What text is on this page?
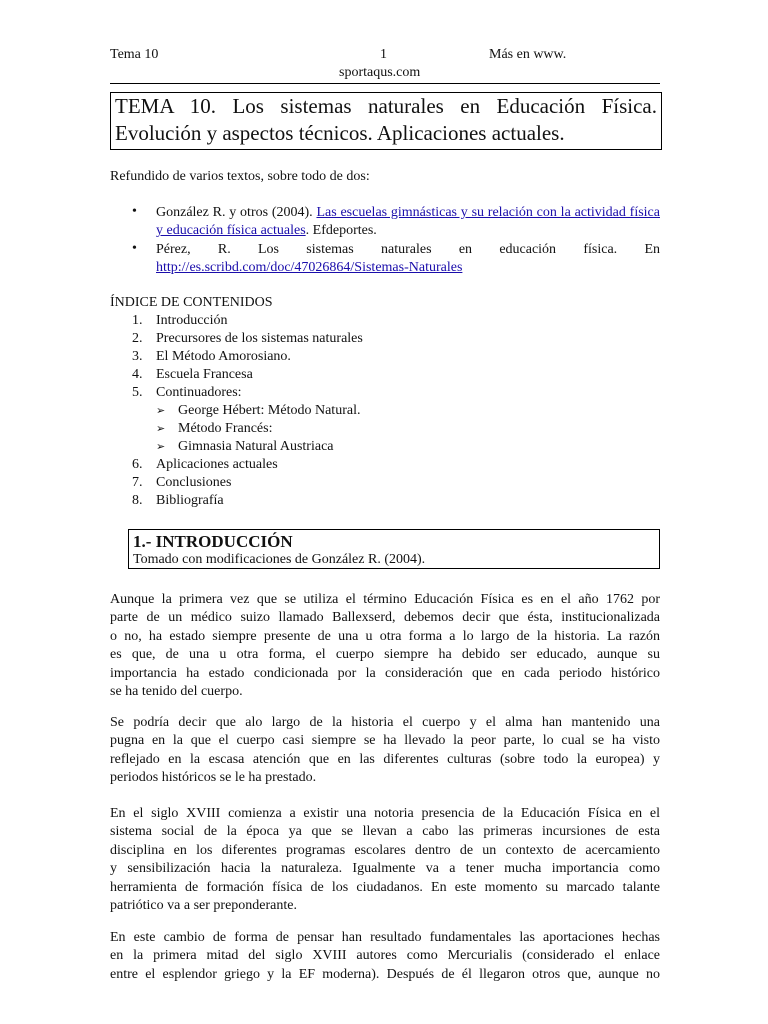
Tema 10	1	Más en www.
sportaqus.com
TEMA 10. Los sistemas naturales en Educación Física. Evolución y aspectos técnicos. Aplicaciones actuales.
Refundido de varios textos, sobre todo de dos:
• González R. y otros (2004). Las escuelas gimnásticas y su relación con la actividad física y educación física actuales. Efdeportes.
• Pérez, R. Los sistemas naturales en educación física. En http://es.scribd.com/doc/47026864/Sistemas-Naturales
ÍNDICE DE CONTENIDOS
1. Introducción
2. Precursores de los sistemas naturales
3. El Método Amorosiano.
4. Escuela Francesa
5. Continuadores:
➢ George Hébert: Método Natural.
➢ Método Francés:
➢ Gimnasia Natural Austriaca
6. Aplicaciones actuales
7. Conclusiones
8. Bibliografía
1.- INTRODUCCIÓN
Tomado con modificaciones de González R. (2004).
Aunque la primera vez que se utiliza el término Educación Física es en el año 1762 por
parte de un médico suizo llamado Ballexserd, debemos decir que ésta, institucionalizada
o no, ha estado siempre presente de una u otra forma a lo largo de la historia. La razón
es que, de una u otra forma, el cuerpo siempre ha debido ser educado, aunque su
importancia ha estado condicionada por la consideración que en cada periodo histórico
se ha tenido del cuerpo.
Se podría decir que alo largo de la historia el cuerpo y el alma han mantenido una
pugna en la que el cuerpo casi siempre se ha llevado la peor parte, lo cual se ha visto
reflejado en la escasa atención que en las diferentes culturas (sobre todo la europea) y
periodos históricos se le ha prestado.
En el siglo XVIII comienza a existir una notoria presencia de la Educación Física en el
sistema social de la época ya que se llevan a cabo las primeras incursiones de esta
disciplina en los diferentes programas escolares dentro de un contexto de acercamiento
y sensibilización hacia la naturaleza. Igualmente va a tener mucha importancia como
herramienta de formación física de los ciudadanos. En este momento su marcado talante
patriótico va a ser preponderante.
En este cambio de forma de pensar han resultado fundamentales las aportaciones hechas
en la primera mitad del siglo XVIII autores como Mercurialis (considerado el enlace
entre el esplendor griego y la EF moderna). Después de él llegaron otros que, aunque no
